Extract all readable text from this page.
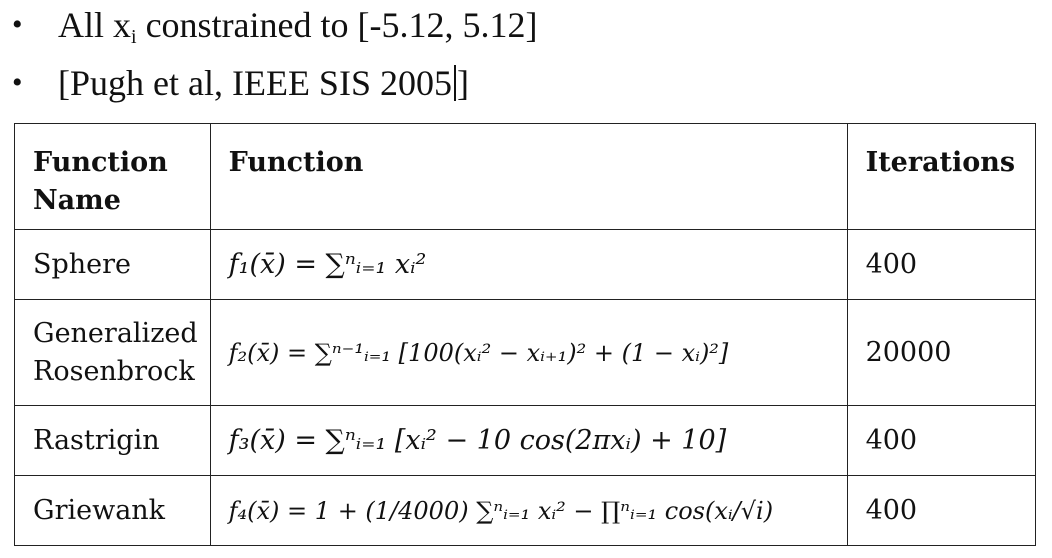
• All $x_i$ constrained to [-5.12, 5.12]
• [Pugh et al, IEEE SIS 2005 ]
Function
Name	Function	Iterations
Sphere	f₁(x̄) = ∑ⁿᵢ₌₁ xᵢ²	400
Generalized
Rosenbrock	f₂(x̄) = ∑ⁿ⁻¹ᵢ₌₁ [100(xᵢ² − xᵢ₊₁)² + (1 − xᵢ)²]	20000
Rastrigin	f₃(x̄) = ∑ⁿᵢ₌₁ [xᵢ² − 10 cos(2πxᵢ) + 10]	400
Griewank	f₄(x̄) = 1 + (1/4000) ∑ⁿᵢ₌₁ xᵢ² − ∏ⁿᵢ₌₁ cos(xᵢ/√i)	400
